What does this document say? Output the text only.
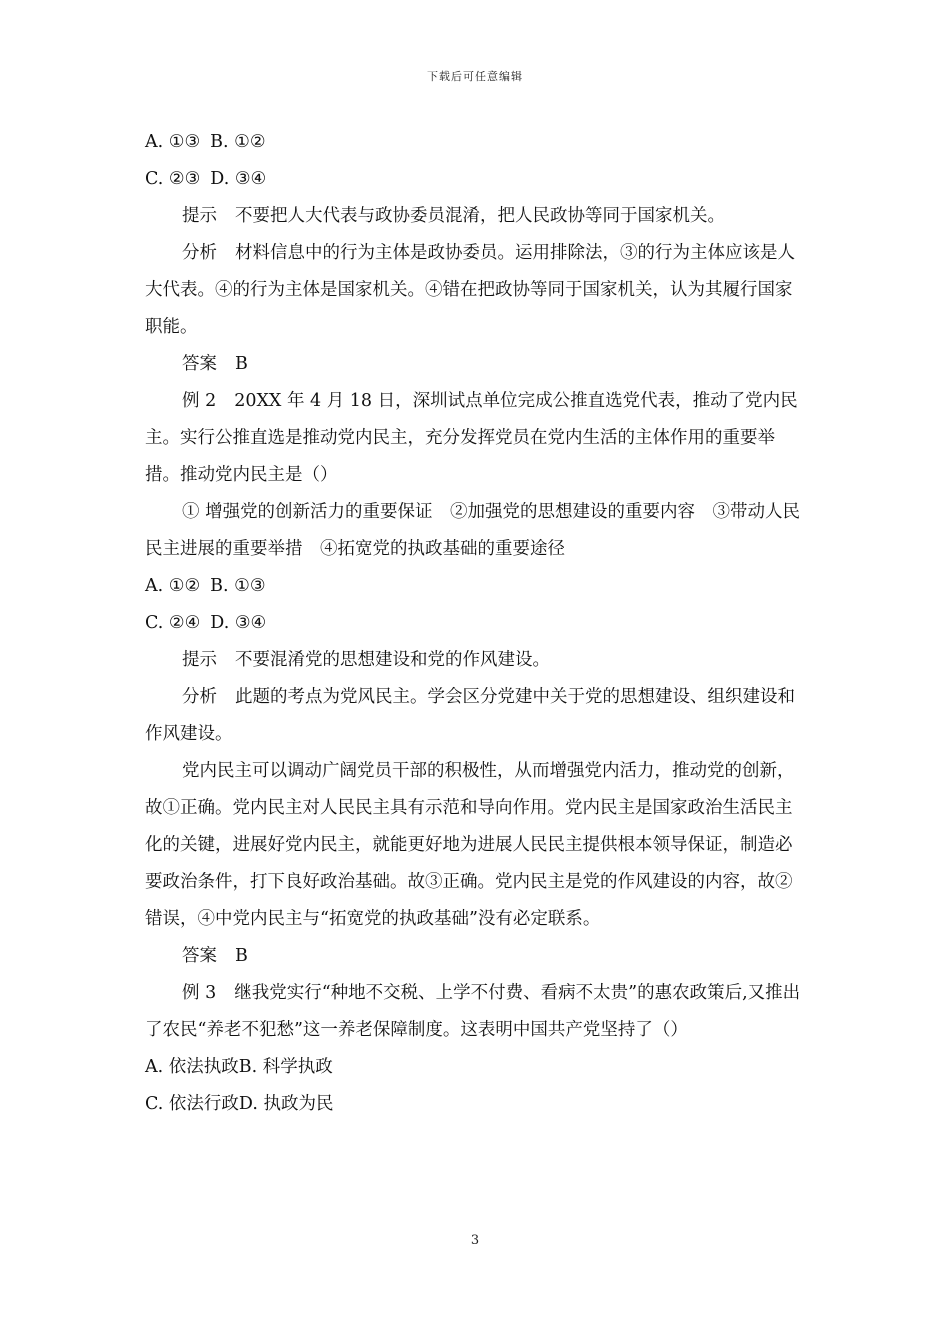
下载后可任意编辑

A. ①③ B. ①②

C. ②③ D. ③④

提示 不要把人大代表与政协委员混淆，把人民政协等同于国家机关。

分析 材料信息中的行为主体是政协委员。运用排除法，③的行为主体应该是人大代表。④的行为主体是国家机关。④错在把政协等同于国家机关，认为其履行国家职能。

答案 B

例 2 20XX 年 4 月 18 日，深圳试点单位完成公推直选党代表，推动了党内民主。实行公推直选是推动党内民主，充分发挥党员在党内生活的主体作用的重要举措。推动党内民主是（）

① 增强党的创新活力的重要保证　②加强党的思想建设的重要内容　③带动人民民主进展的重要举措　④拓宽党的执政基础的重要途径

A. ①② B. ①③

C. ②④ D. ③④

提示 不要混淆党的思想建设和党的作风建设。

分析 此题的考点为党风民主。学会区分党建中关于党的思想建设、组织建设和作风建设。

党内民主可以调动广阔党员干部的积极性，从而增强党内活力，推动党的创新，故①正确。党内民主对人民民主具有示范和导向作用。党内民主是国家政治生活民主化的关键，进展好党内民主，就能更好地为进展人民民主提供根本领导保证，制造必要政治条件，打下良好政治基础。故③正确。党内民主是党的作风建设的内容，故②错误，④中党内民主与“拓宽党的执政基础”没有必定联系。

答案 B

例 3 继我党实行“种地不交税、上学不付费、看病不太贵”的惠农政策后,又推出了农民“养老不犯愁”这一养老保障制度。这表明中国共产党坚持了（）

A. 依法执政B. 科学执政

C. 依法行政D. 执政为民

3
